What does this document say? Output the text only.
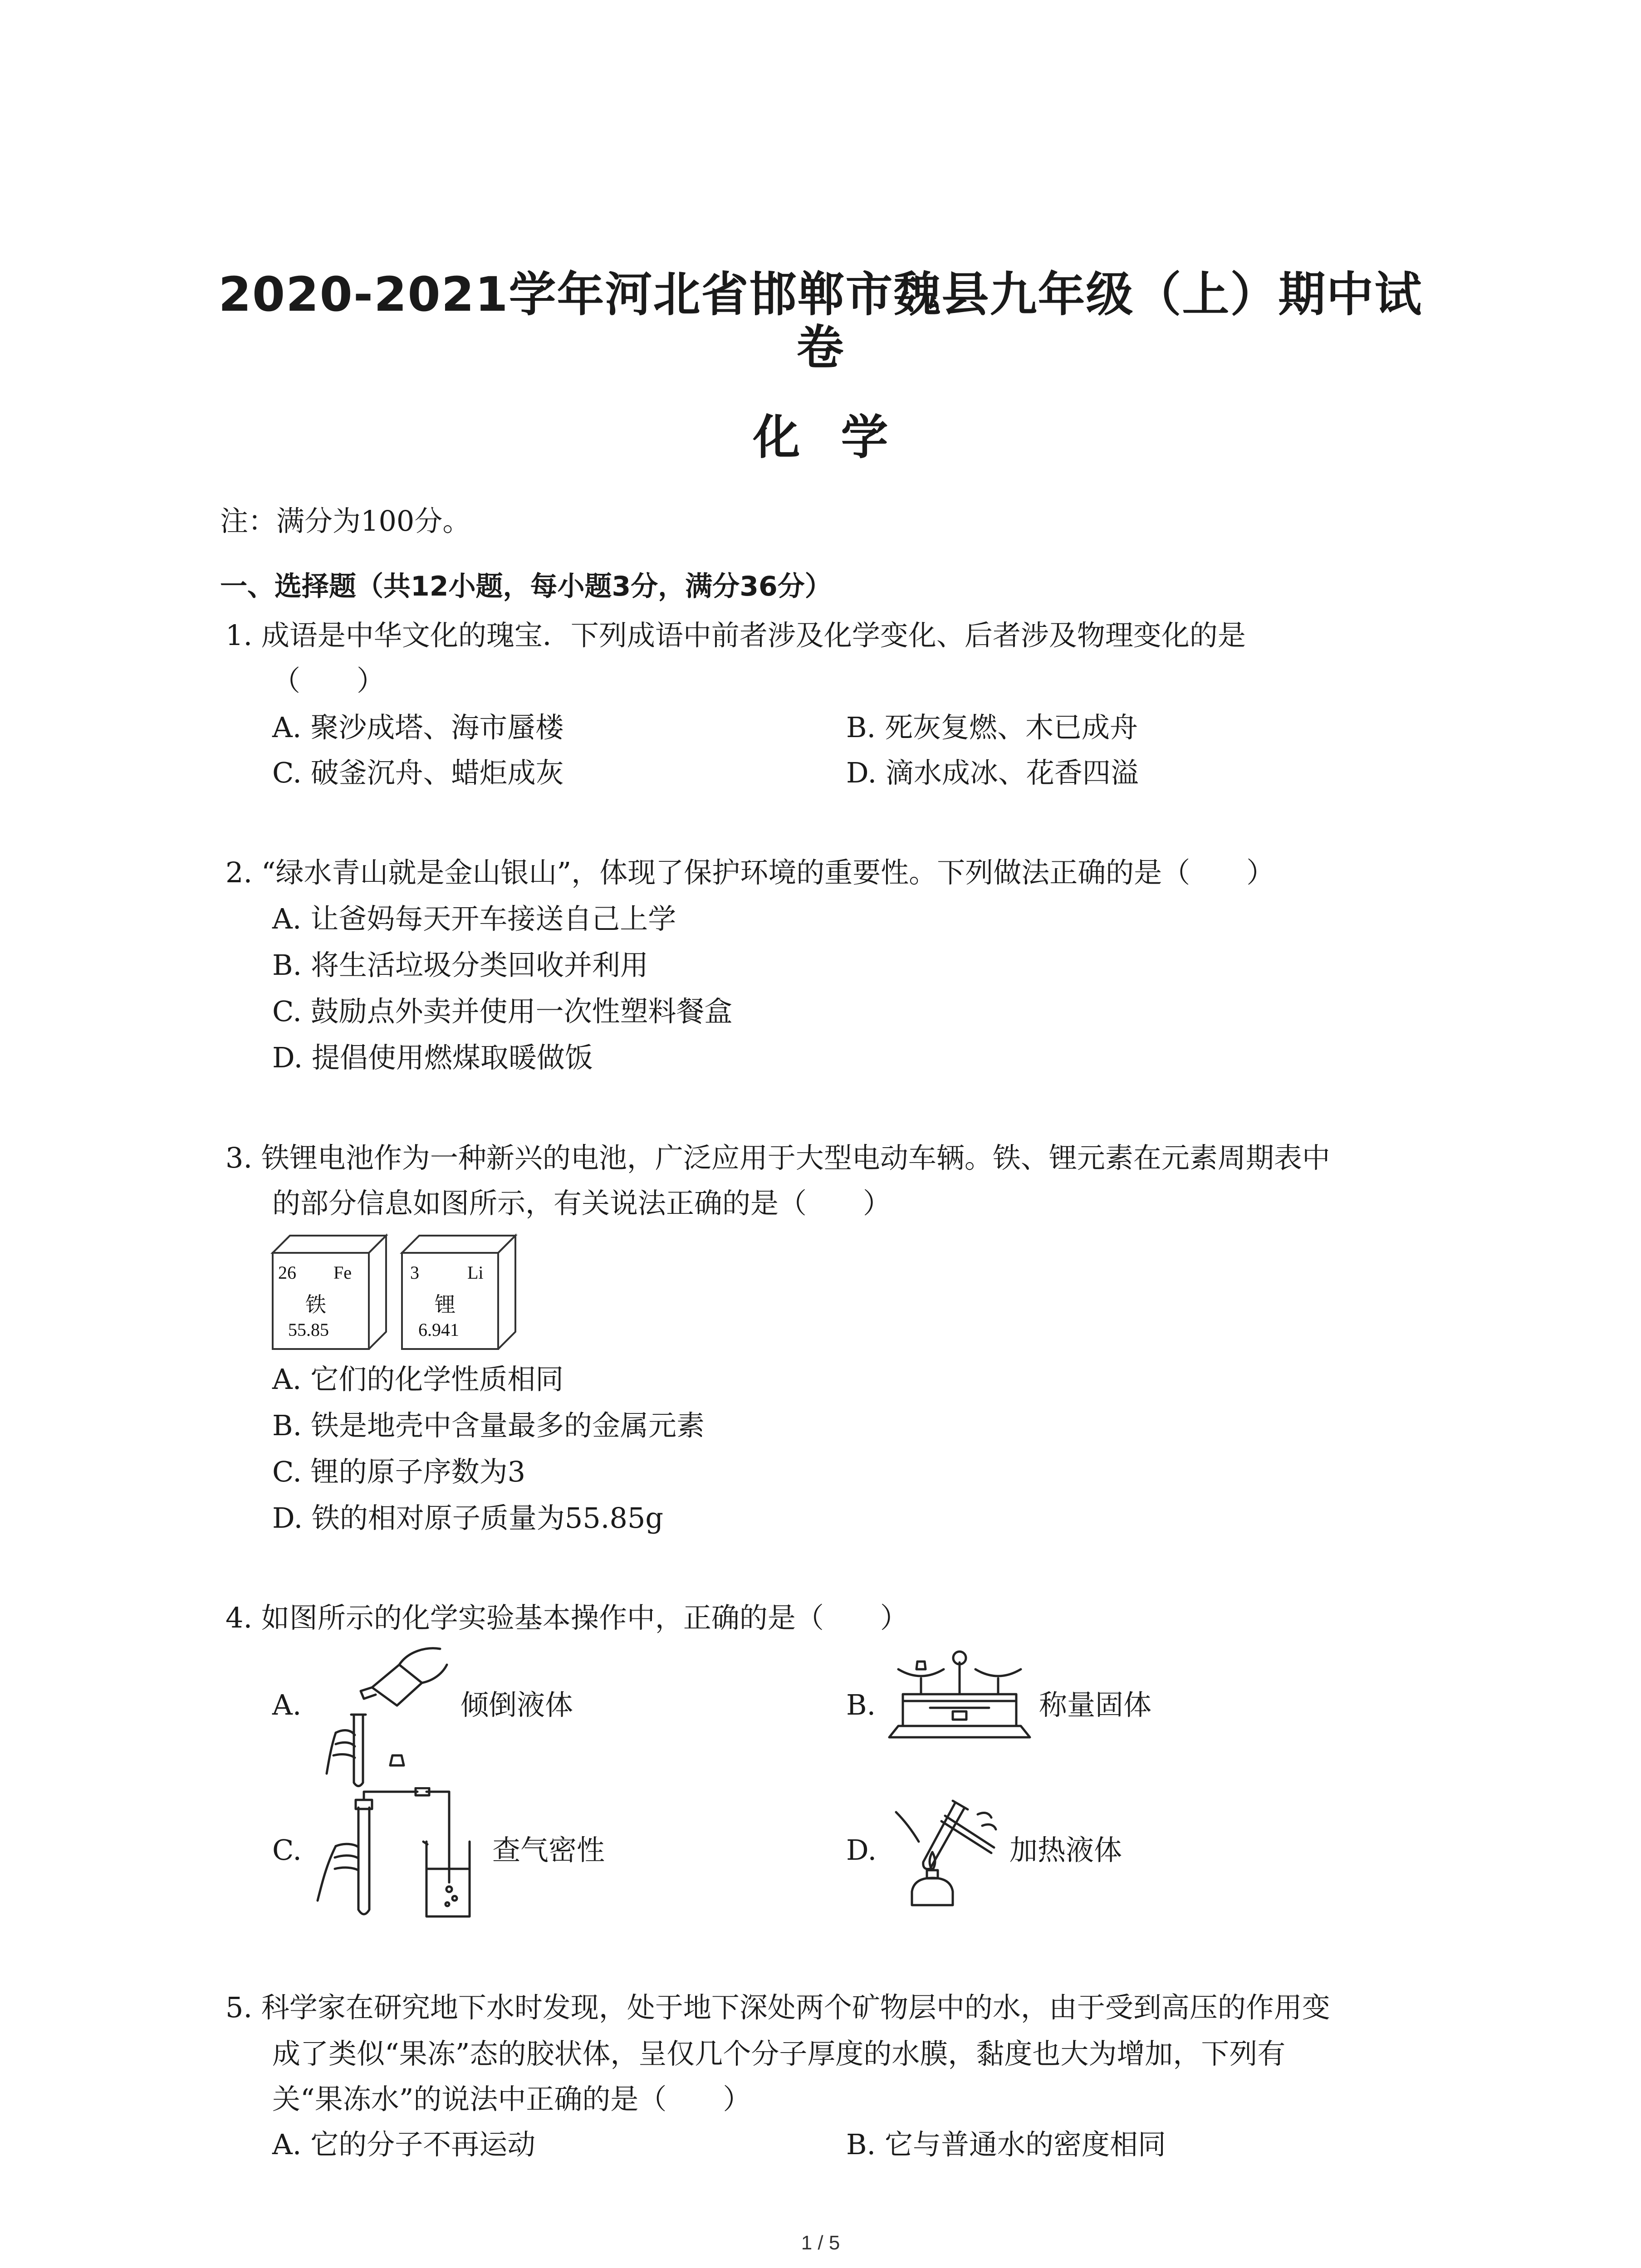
2020-2021学年河北省邯郸市魏县九年级（上）期中试
卷
化学
注：满分为100分。
一、选择题（共12小题，每小题3分，满分36分）
1. 成语是中华文化的瑰宝．下列成语中前者涉及化学变化、后者涉及物理变化的是
（　　）
A. 聚沙成塔、海市蜃楼	B. 死灰复燃、木已成舟
C. 破釜沉舟、蜡炬成灰	D. 滴水成冰、花香四溢
2. “绿水青山就是金山银山”，体现了保护环境的重要性。下列做法正确的是（　　）
A. 让爸妈每天开车接送自己上学
B. 将生活垃圾分类回收并利用
C. 鼓励点外卖并使用一次性塑料餐盒
D. 提倡使用燃煤取暖做饭
3. 铁锂电池作为一种新兴的电池，广泛应用于大型电动车辆。铁、锂元素在元素周期表中
的部分信息如图所示，有关说法正确的是（　　）
26 Fe
铁
55.85
3	Li
锂
6.941
A. 它们的化学性质相同
B. 铁是地壳中含量最多的金属元素
C. 锂的原子序数为3
D. 铁的相对原子质量为55.85g
4. 如图所示的化学实验基本操作中，正确的是（　　）
A.	倾倒液体	B.	称量固体
C.	查气密性	D.	加热液体
5. 科学家在研究地下水时发现，处于地下深处两个矿物层中的水，由于受到高压的作用变
成了类似“果冻”态的胶状体，呈仅几个分子厚度的水膜，黏度也大为增加，下列有
关“果冻水”的说法中正确的是（　　）
A. 它的分子不再运动	B. 它与普通水的密度相同
1 / 5
